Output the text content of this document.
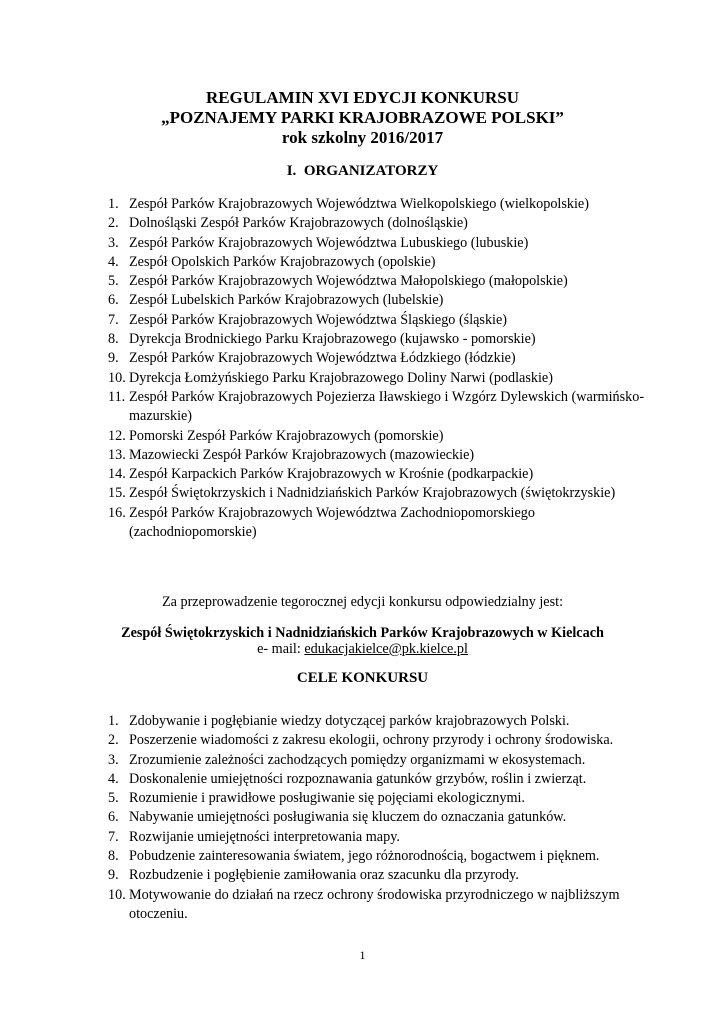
REGULAMIN XVI EDYCJI KONKURSU
„POZNAJEMY PARKI KRAJOBRAZOWE POLSKI”
rok szkolny 2016/2017
I. ORGANIZATORZY
1. Zespół Parków Krajobrazowych Województwa Wielkopolskiego (wielkopolskie)
2. Dolnośląski Zespół Parków Krajobrazowych (dolnośląskie)
3. Zespół Parków Krajobrazowych Województwa Lubuskiego (lubuskie)
4. Zespół Opolskich Parków Krajobrazowych (opolskie)
5. Zespół Parków Krajobrazowych Województwa Małopolskiego (małopolskie)
6. Zespół Lubelskich Parków Krajobrazowych (lubelskie)
7. Zespół Parków Krajobrazowych Województwa Śląskiego (śląskie)
8. Dyrekcja Brodnickiego Parku Krajobrazowego (kujawsko - pomorskie)
9. Zespół Parków Krajobrazowych Województwa Łódzkiego (łódzkie)
10. Dyrekcja Łomżyńskiego Parku Krajobrazowego Doliny Narwi (podlaskie)
11. Zespół Parków Krajobrazowych Pojezierza Iławskiego i Wzgórz Dylewskich (warmińsko- mazurskie)
12. Pomorski Zespół Parków Krajobrazowych (pomorskie)
13. Mazowiecki Zespół Parków Krajobrazowych (mazowieckie)
14. Zespół Karpackich Parków Krajobrazowych w Krośnie (podkarpackie)
15. Zespół Świętokrzyskich i Nadnidziańskich Parków Krajobrazowych (świętokrzyskie)
16. Zespół Parków Krajobrazowych Województwa Zachodniopomorskiego (zachodniopomorskie)
Za przeprowadzenie tegorocznej edycji konkursu odpowiedzialny jest:
Zespół Świętokrzyskich i Nadnidziańskich Parków Krajobrazowych w Kielcach
e- mail: edukacjakielce@pk.kielce.pl
CELE KONKURSU
1. Zdobywanie i pogłębianie wiedzy dotyczącej parków krajobrazowych Polski.
2. Poszerzenie wiadomości z zakresu ekologii, ochrony przyrody i ochrony środowiska.
3. Zrozumienie zależności zachodzących pomiędzy organizmami w ekosystemach.
4. Doskonalenie umiejętności rozpoznawania gatunków grzybów, roślin i zwierząt.
5. Rozumienie i prawidłowe posługiwanie się pojęciami ekologicznymi.
6. Nabywanie umiejętności posługiwania się kluczem do oznaczania gatunków.
7. Rozwijanie umiejętności interpretowania mapy.
8. Pobudzenie zainteresowania światem, jego różnorodnością, bogactwem i pięknem.
9. Rozbudzenie i pogłębienie zamiłowania oraz szacunku dla przyrody.
10. Motywowanie do działań na rzecz ochrony środowiska przyrodniczego w najbliższym otoczeniu.
1
